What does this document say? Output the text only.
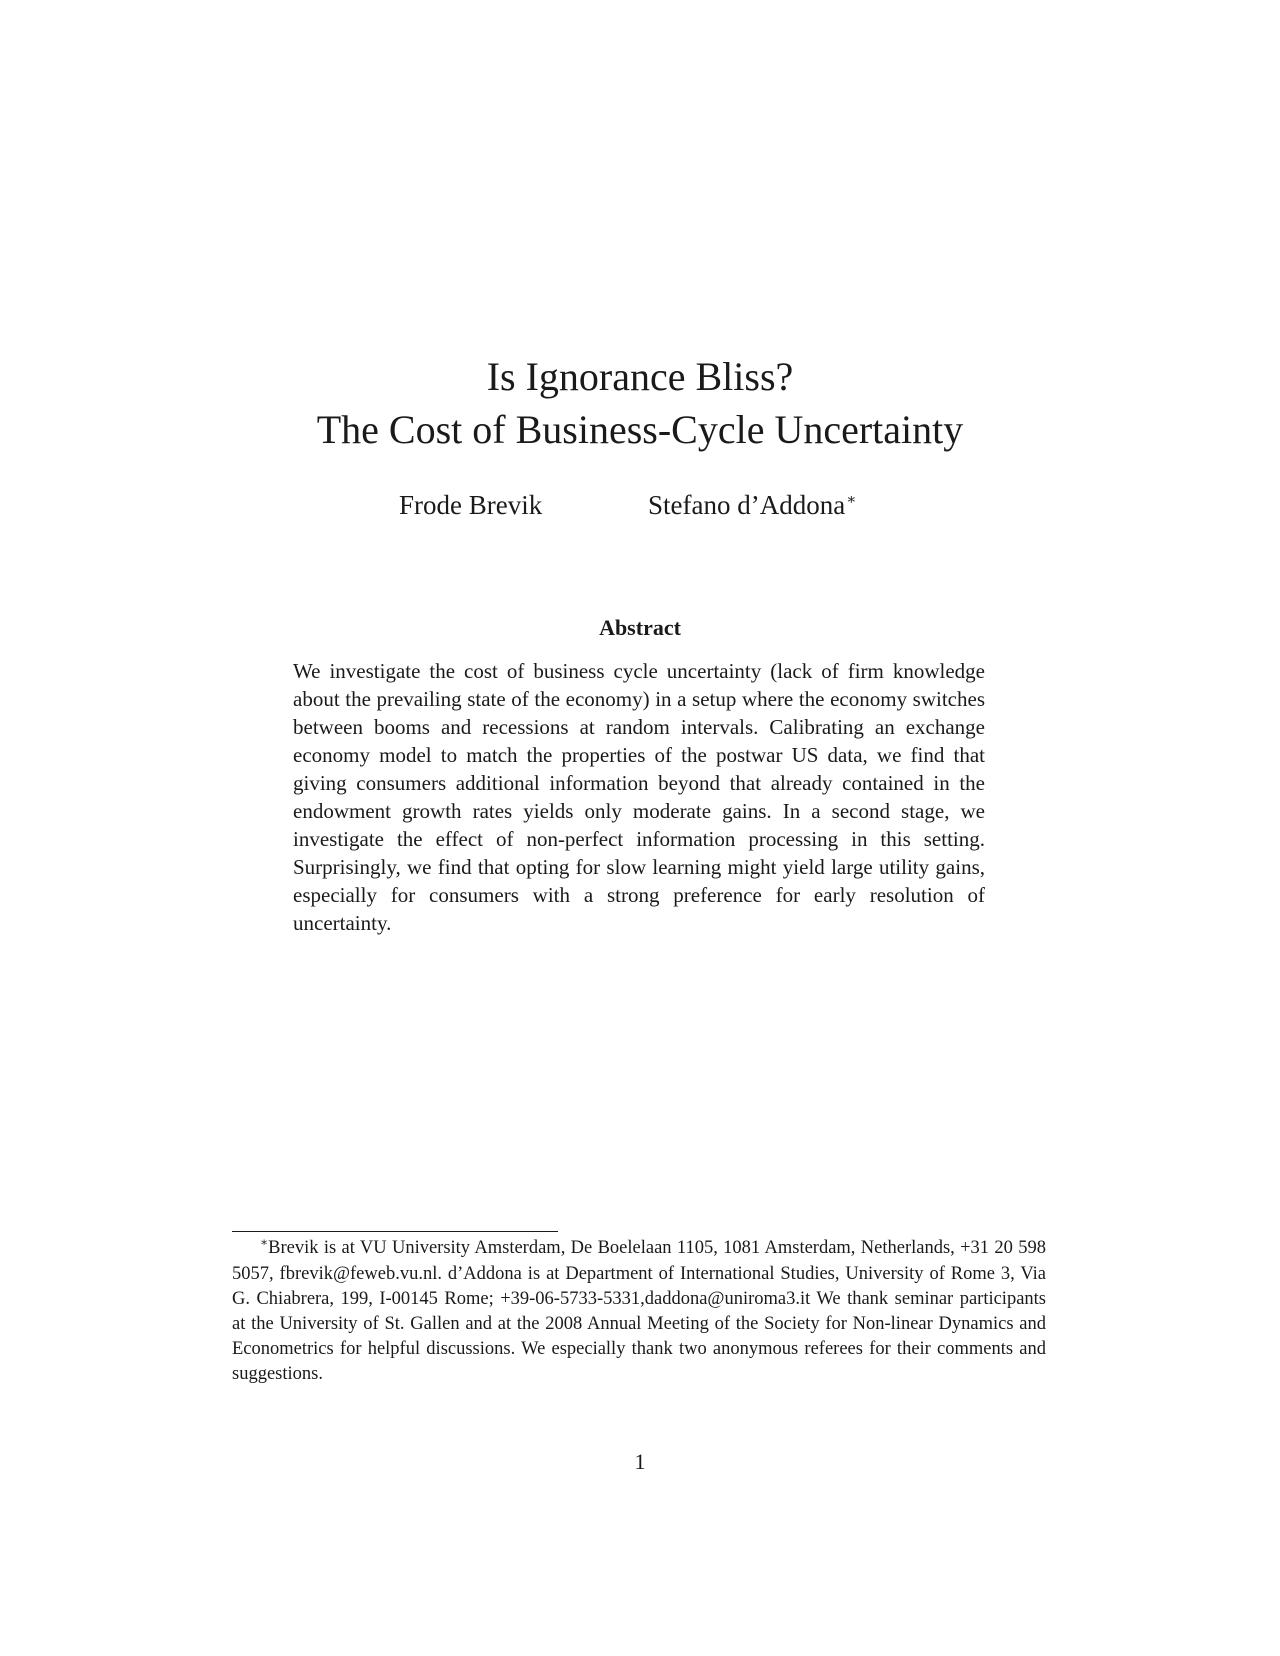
Is Ignorance Bliss?
The Cost of Business-Cycle Uncertainty
Frode Brevik	Stefano d’Addona∗
Abstract
We investigate the cost of business cycle uncertainty (lack of firm knowledge about the prevailing state of the economy) in a setup where the economy switches between booms and recessions at random intervals. Calibrating an exchange economy model to match the properties of the postwar US data, we find that giving consumers additional information beyond that already contained in the endowment growth rates yields only moderate gains. In a second stage, we investigate the effect of non-perfect information processing in this setting. Surprisingly, we find that opting for slow learning might yield large utility gains, especially for consumers with a strong preference for early resolution of uncertainty.
∗Brevik is at VU University Amsterdam, De Boelelaan 1105, 1081 Amsterdam, Netherlands, +31 20 598 5057, fbrevik@feweb.vu.nl. d’Addona is at Department of International Studies, University of Rome 3, Via G. Chiabrera, 199, I-00145 Rome; +39-06-5733-5331,daddona@uniroma3.it We thank seminar participants at the University of St. Gallen and at the 2008 Annual Meeting of the Society for Non-linear Dynamics and Econometrics for helpful discussions. We especially thank two anonymous referees for their comments and suggestions.
1
